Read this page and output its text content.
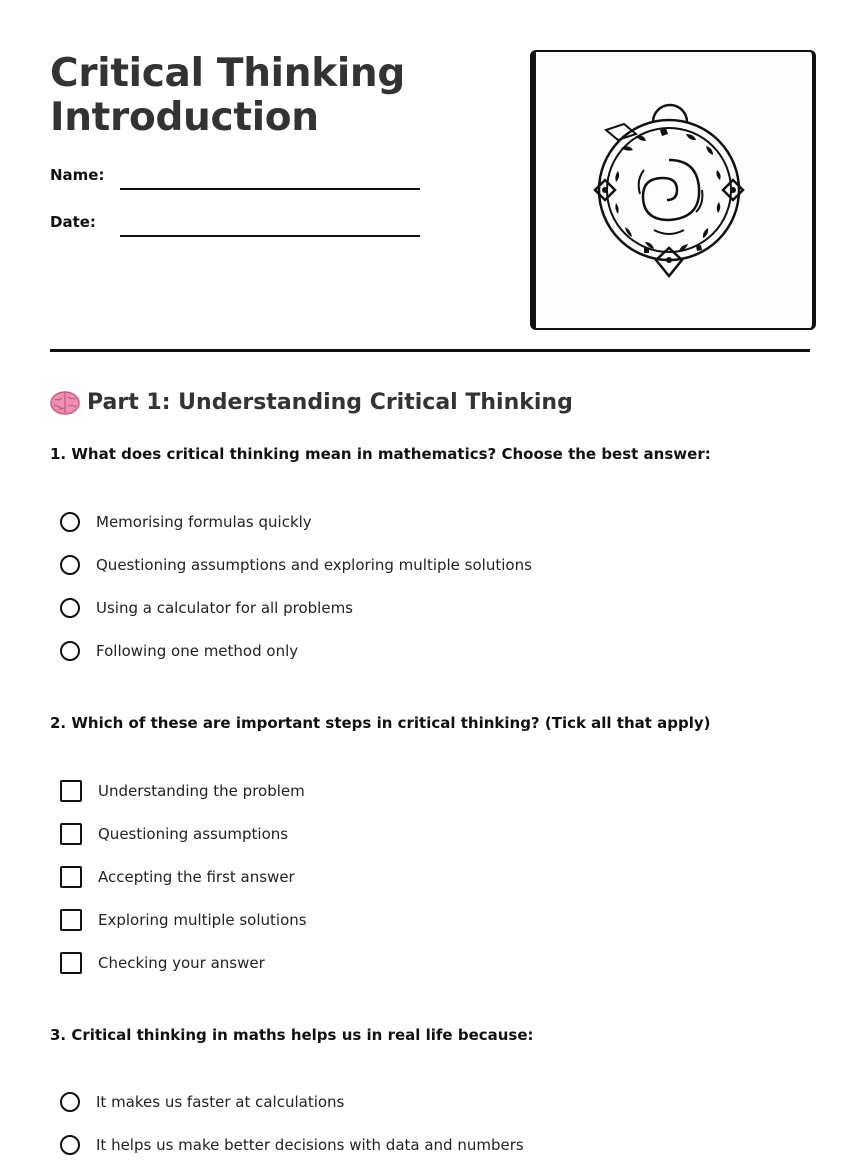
Critical Thinking
Introduction
Name:
Date:
Part 1: Understanding Critical Thinking

1. What does critical thinking mean in mathematics? Choose the best answer:

Memorising formulas quickly
Questioning assumptions and exploring multiple solutions
Using a calculator for all problems
Following one method only

2. Which of these are important steps in critical thinking? (Tick all that apply)

Understanding the problem
Questioning assumptions
Accepting the first answer
Exploring multiple solutions
Checking your answer

3. Critical thinking in maths helps us in real life because:

It makes us faster at calculations
It helps us make better decisions with data and numbers
